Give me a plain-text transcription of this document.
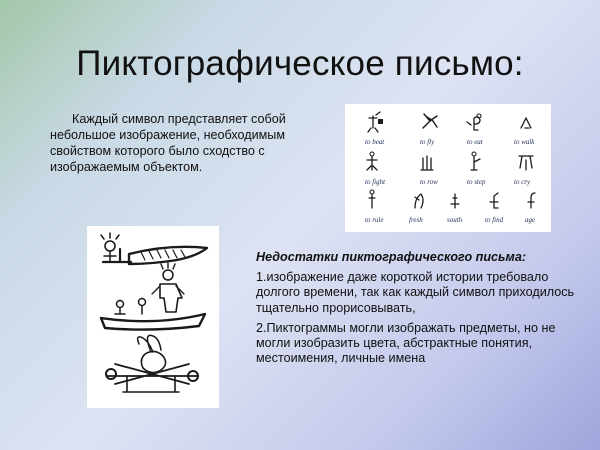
Пиктографическое письмо:
Каждый символ представляет собой небольшое изображение, необходимым свойством которого было сходство с изображаемым объектом.
to beat	to fly	to eat	to walk
to fight	to row	to step	to cry
to rule	fresh	south	to find	age
Недостатки пиктографического письма:
1.изображение даже короткой истории требовало долгого времени, так как каждый символ приходилось тщательно прорисовывать,
2.Пиктограммы могли изображать предметы, но не могли изобразить цвета, абстрактные понятия, местоимения, личные имена
